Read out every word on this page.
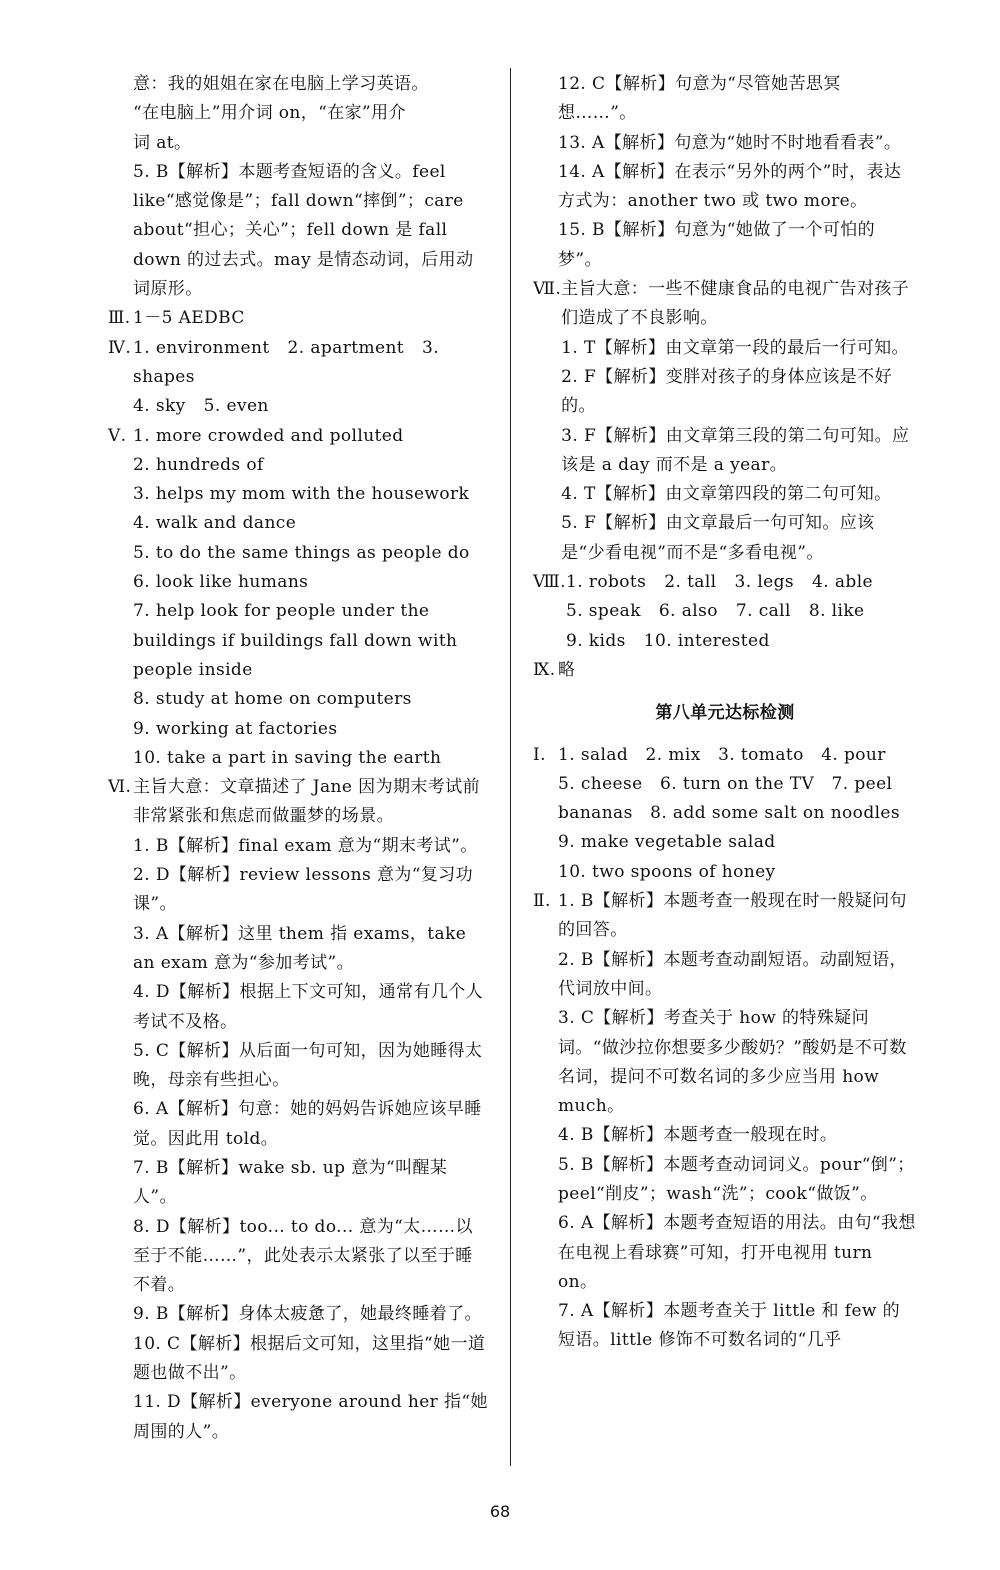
意：我的姐姐在家在电脑上学习英语。
“在电脑上”用介词 on，“在家”用介
词 at。
5. B【解析】本题考查短语的含义。feel like“感觉像是”；fall down“摔倒”；care about“担心；关心”；fell down 是 fall down 的过去式。may 是情态动词，后用动词原形。
Ⅲ. 1－5 AEDBC
Ⅳ. 1. environment 2. apartment 3. shapes
4. sky 5. even
Ⅴ. 1. more crowded and polluted
2. hundreds of
3. helps my mom with the housework
4. walk and dance
5. to do the same things as people do
6. look like humans
7. help look for people under the buildings if buildings fall down with people inside
8. study at home on computers
9. working at factories
10. take a part in saving the earth
Ⅵ. 主旨大意：文章描述了 Jane 因为期末考试前非常紧张和焦虑而做噩梦的场景。
1. B【解析】final exam 意为“期末考试”。
2. D【解析】review lessons 意为“复习功课”。
3. A【解析】这里 them 指 exams，take an exam 意为“参加考试”。
4. D【解析】根据上下文可知，通常有几个人考试不及格。
5. C【解析】从后面一句可知，因为她睡得太晚，母亲有些担心。
6. A【解析】句意：她的妈妈告诉她应该早睡觉。因此用 told。
7. B【解析】wake sb. up 意为“叫醒某人”。
8. D【解析】too... to do... 意为“太……以至于不能……”，此处表示太紧张了以至于睡不着。
9. B【解析】身体太疲惫了，她最终睡着了。
10. C【解析】根据后文可知，这里指“她一道题也做不出”。
11. D【解析】everyone around her 指“她周围的人”。
12. C【解析】句意为“尽管她苦思冥想……”。
13. A【解析】句意为“她时不时地看看表”。
14. A【解析】在表示“另外的两个”时，表达方式为：another two 或 two more。
15. B【解析】句意为“她做了一个可怕的梦”。
Ⅶ. 主旨大意：一些不健康食品的电视广告对孩子们造成了不良影响。
1. T【解析】由文章第一段的最后一行可知。
2. F【解析】变胖对孩子的身体应该是不好的。
3. F【解析】由文章第三段的第二句可知。应该是 a day 而不是 a year。
4. T【解析】由文章第四段的第二句可知。
5. F【解析】由文章最后一句可知。应该是“少看电视”而不是“多看电视”。
Ⅷ. 1. robots 2. tall 3. legs 4. able
5. speak 6. also 7. call 8. like
9. kids 10. interested
Ⅸ. 略
第八单元达标检测
Ⅰ. 1. salad　2. mix　3. tomato　4. pour　5. cheese　6. turn on the TV　7. peel bananas　8. add some salt on noodles
9. make vegetable salad
10. two spoons of honey
Ⅱ. 1. B【解析】本题考查一般现在时一般疑问句的回答。
2. B【解析】本题考查动副短语。动副短语，代词放中间。
3. C【解析】考查关于 how 的特殊疑问词。“做沙拉你想要多少酸奶？”酸奶是不可数名词，提问不可数名词的多少应当用 how much。
4. B【解析】本题考查一般现在时。
5. B【解析】本题考查动词词义。pour“倒”；peel“削皮”；wash“洗”；cook“做饭”。
6. A【解析】本题考查短语的用法。由句“我想在电视上看球赛”可知，打开电视用 turn on。
7. A【解析】本题考查关于 little 和 few 的短语。little 修饰不可数名词的“几乎
68
